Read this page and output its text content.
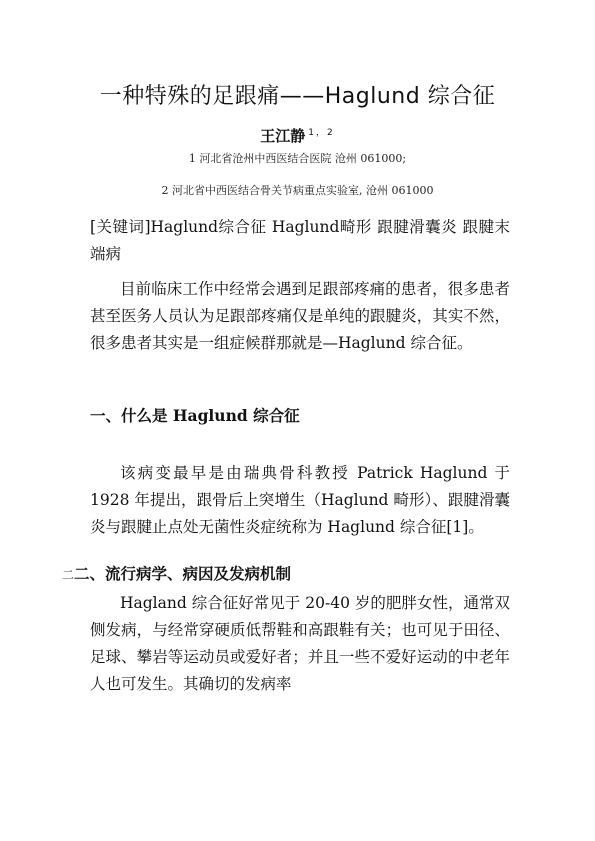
一种特殊的足跟痛——Haglund 综合征
王江静 $^{1,2}$
1 河北省沧州中西医结合医院 沧州 061000;
2 河北省中西医结合骨关节病重点实验室, 沧州 061000

[关键词]Haglund综合征 Haglund畸形 跟腱滑囊炎 跟腱末端病

目前临床工作中经常会遇到足跟部疼痛的患者，很多患者甚至医务人员认为足跟部疼痛仅是单纯的跟腱炎，其实不然，很多患者其实是一组症候群那就是—Haglund 综合征。

一、什么是 Haglund 综合征

该病变最早是由瑞典骨科教授 Patrick Haglund 于 1928 年提出，跟骨后上突增生（Haglund 畸形）、跟腱滑囊炎与跟腱止点处无菌性炎症统称为 Haglund 综合征[1]。

二二、流行病学、病因及发病机制

Hagland 综合征好常见于 20-40 岁的肥胖女性，通常双侧发病，与经常穿硬质低帮鞋和高跟鞋有关；也可见于田径、足球、攀岩等运动员或爱好者；并且一些不爱好运动的中老年人也可发生。其确切的发病率
